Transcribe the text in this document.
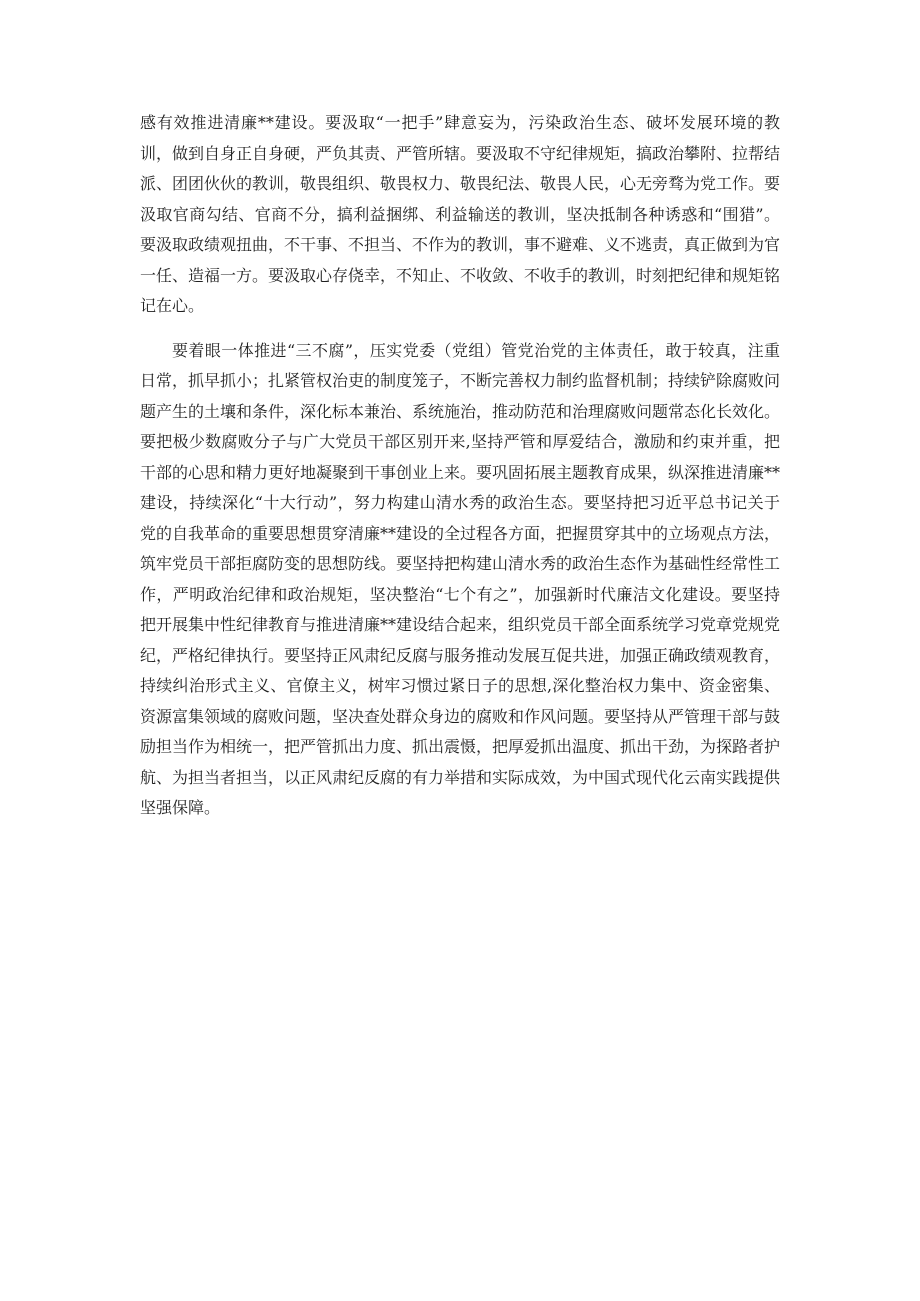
感有效推进清廉**建设。要汲取“一把手”肆意妄为，污染政治生态、破坏发展环境的教训，做到自身正自身硬，严负其责、严管所辖。要汲取不守纪律规矩，搞政治攀附、拉帮结派、团团伙伙的教训，敬畏组织、敬畏权力、敬畏纪法、敬畏人民，心无旁骛为党工作。要汲取官商勾结、官商不分，搞利益捆绑、利益输送的教训，坚决抵制各种诱惑和“围猎”。要汲取政绩观扭曲，不干事、不担当、不作为的教训，事不避难、义不逃责，真正做到为官一任、造福一方。要汲取心存侥幸，不知止、不收敛、不收手的教训，时刻把纪律和规矩铭记在心。

要着眼一体推进“三不腐”，压实党委（党组）管党治党的主体责任，敢于较真，注重日常，抓早抓小；扎紧管权治吏的制度笼子，不断完善权力制约监督机制；持续铲除腐败问题产生的土壤和条件，深化标本兼治、系统施治，推动防范和治理腐败问题常态化长效化。要把极少数腐败分子与广大党员干部区别开来,坚持严管和厚爱结合，激励和约束并重，把干部的心思和精力更好地凝聚到干事创业上来。要巩固拓展主题教育成果，纵深推进清廉**建设，持续深化“十大行动”，努力构建山清水秀的政治生态。要坚持把习近平总书记关于党的自我革命的重要思想贯穿清廉**建设的全过程各方面，把握贯穿其中的立场观点方法，筑牢党员干部拒腐防变的思想防线。要坚持把构建山清水秀的政治生态作为基础性经常性工作，严明政治纪律和政治规矩，坚决整治“七个有之”，加强新时代廉洁文化建设。要坚持把开展集中性纪律教育与推进清廉**建设结合起来，组织党员干部全面系统学习党章党规党纪，严格纪律执行。要坚持正风肃纪反腐与服务推动发展互促共进，加强正确政绩观教育，持续纠治形式主义、官僚主义，树牢习惯过紧日子的思想,深化整治权力集中、资金密集、资源富集领域的腐败问题，坚决查处群众身边的腐败和作风问题。要坚持从严管理干部与鼓励担当作为相统一，把严管抓出力度、抓出震慑，把厚爱抓出温度、抓出干劲，为探路者护航、为担当者担当，以正风肃纪反腐的有力举措和实际成效，为中国式现代化云南实践提供坚强保障。
